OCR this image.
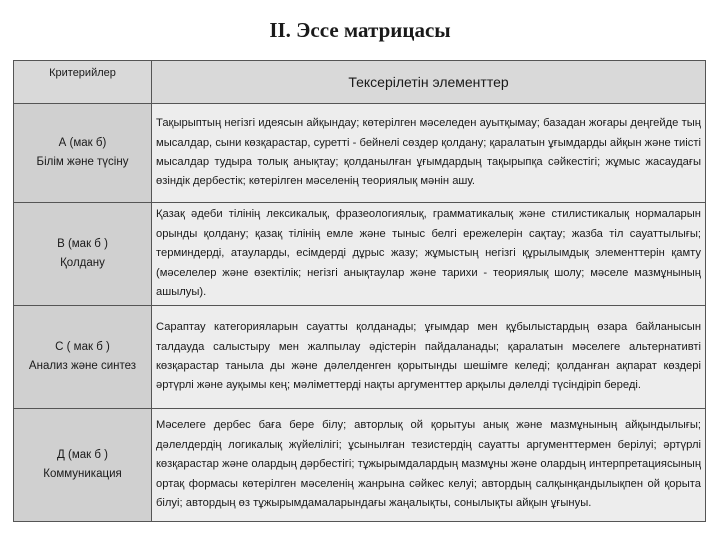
II. Эссе матрицасы
Критерийлер	Тексерілетін элементтер

А (мак б)
Білім және түсіну	Тақырыптың негізгі идеясын айқындау; көтерілген мәселеден ауытқымау; базадан жоғары деңгейде тың мысалдар, сыни көзқарастар, суретті - бейнелі сөздер қолдану; қаралатын ұғымдарды айқын және тиісті мысалдар тудыра толық анықтау; қолданылған ұғымдардың тақырыпқа сәйкестігі; жұмыс жасаудағы өзіндік дербестік; көтерілген мәселенің теориялық мәнін ашу.

В (мак б )
Қолдану	Қазақ әдеби тілінің лексикалық, фразеологиялық, грамматикалық және стилистикалық нормаларын орынды қолдану; қазақ тілінің емле және тыныс белгі ережелерін сақтау; жазба тіл сауаттылығы; терминдерді, атауларды, есімдерді дұрыс жазу; жұмыстың негізгі құрылымдық элементтерін қамту (мәселелер және өзектілік; негізгі анықтаулар және тарихи - теориялық шолу; мәселе мазмұнының ашылуы).

С ( мак б )
Анализ және синтез	Сараптау категорияларын сауатты қолданады; ұғымдар мен құбылыстардың өзара байланысын талдауда салыстыру мен жалпылау әдістерін пайдаланады; қаралатын мәселеге альтернативті көзқарастар таныла ды және дәлелденген қорытынды шешімге келеді; қолданған ақпарат көздері әртүрлі және ауқымы кең; мәліметтерді нақты аргументтер арқылы дәлелді түсіндіріп береді.

Д (мак б )
Коммуникация	Мәселеге дербес баға бере білу; авторлық ой қорытуы анық және мазмұнының айқындылығы; дәлелдердің логикалық жүйелілігі; ұсынылған тезистердің сауатты аргументтермен берілуі; әртүрлі көзқарастар және олардың дәрбестігі; тұжырымдалардың мазмұны және олардың интерпретациясының ортақ формасы көтерілген мәселенің жанрына сәйкес келуі; автордың салқынқандылықпен ой қорыта білуі; автордың өз тұжырымдамаларындағы жаңалықты, сонылықты айқын ұғынуы.
